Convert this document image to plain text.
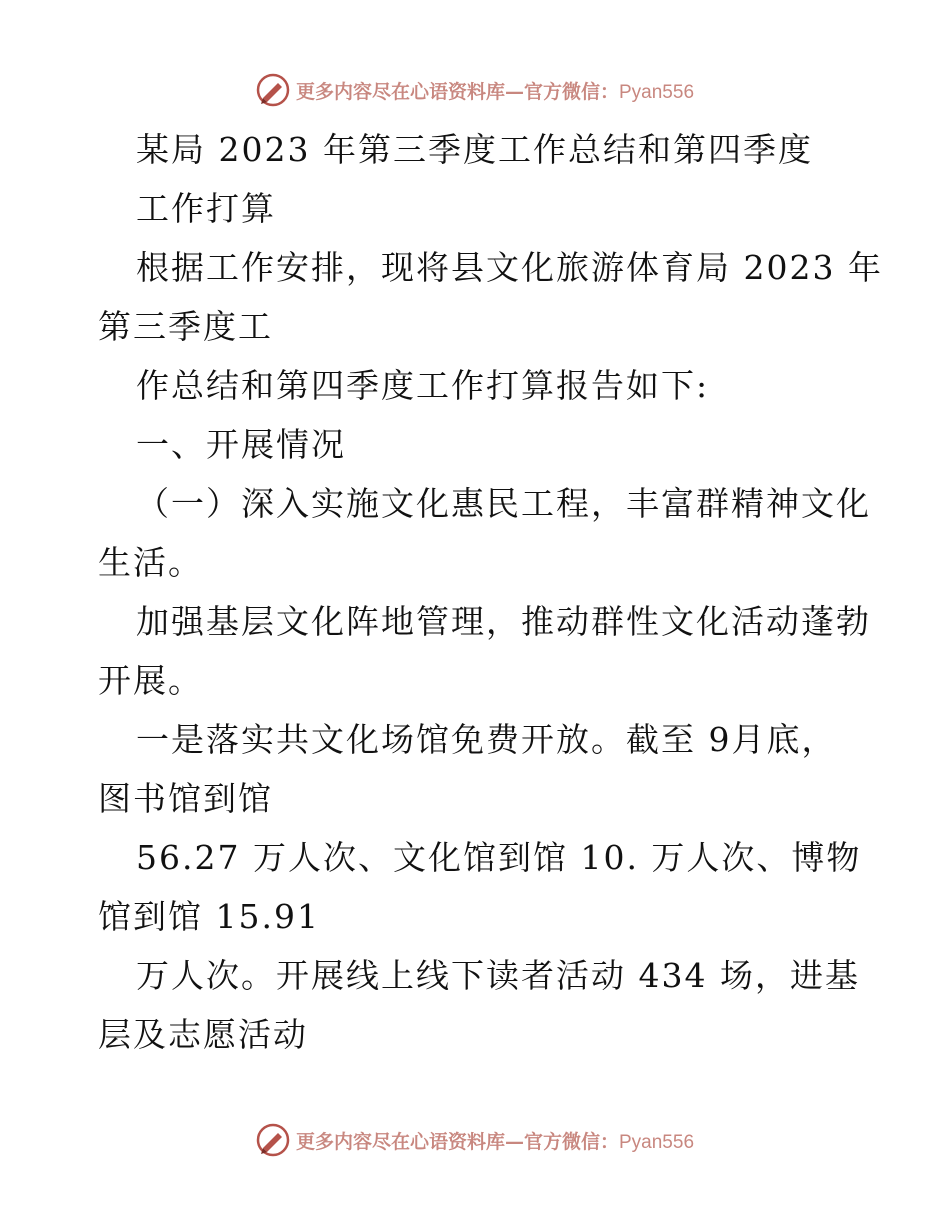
更多内容尽在心语资料库—官方微信：Pyan556
某局 2023 年第三季度工作总结和第四季度
工作打算
根据工作安排，现将县文化旅游体育局 2023 年
第三季度工
作总结和第四季度工作打算报告如下:
一、开展情况
（一）深入实施文化惠民工程，丰富群精神文化
生活。
加强基层文化阵地管理，推动群性文化活动蓬勃
开展。
一是落实共文化场馆免费开放。截至 9月底，
图书馆到馆
56.27 万人次、文化馆到馆 10. 万人次、博物
馆到馆 15.91
万人次。开展线上线下读者活动 434 场，进基
层及志愿活动
更多内容尽在心语资料库—官方微信：Pyan556
